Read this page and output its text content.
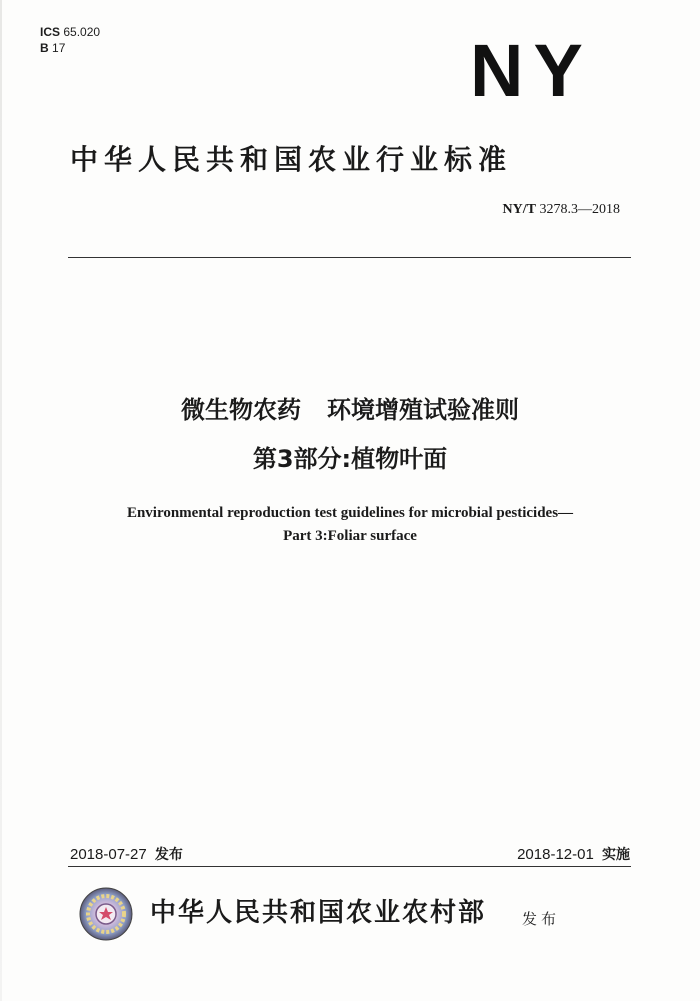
ICS 65.020
B 17	NY
中华人民共和国农业行业标准
NY/T 3278.3—2018
微生物农药 环境增殖试验准则
第3部分:植物叶面
Environmental reproduction test guidelines for microbial pesticides—
Part 3:Foliar surface
2018-07-27 发布	2018-12-01 实施
中华人民共和国农业农村部 发布
